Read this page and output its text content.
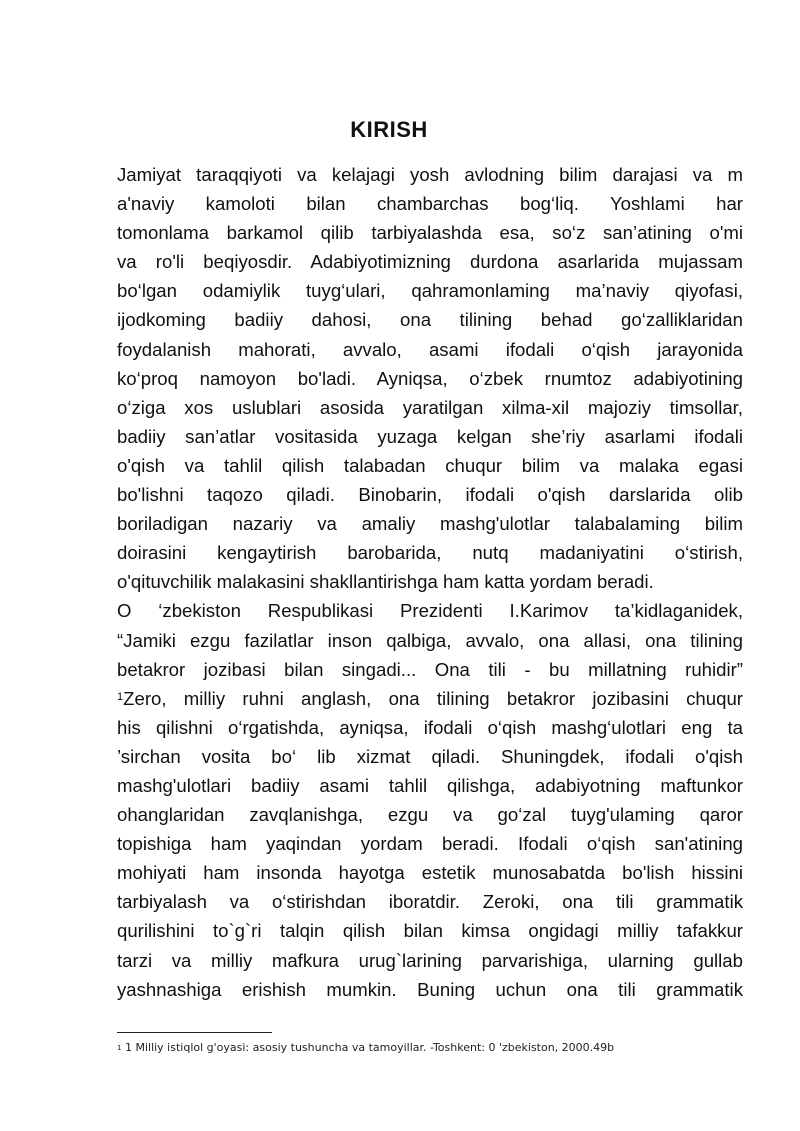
KIRISH
Jamiyat taraqqiyoti va kelajagi yosh avlodning bilim darajasi va m
a'naviy kamoloti bilan chambarchas bog‘liq. Yoshlami har
tomonlama barkamol qilib tarbiyalashda esa, so‘z san’atining o'mi
va ro'li beqiyosdir. Adabiyotimizning durdona asarlarida mujassam
bo‘lgan odamiylik tuyg‘ulari, qahramonlaming ma’naviy qiyofasi,
ijodkoming badiiy dahosi, ona tilining behad go‘zalliklaridan
foydalanish mahorati, avvalo, asami ifodali o‘qish jarayonida
ko‘proq namoyon bo'ladi. Ayniqsa, o‘zbek rnumtoz adabiyotining
o‘ziga xos uslublari asosida yaratilgan xilma-xil majoziy timsollar,
badiiy san’atlar vositasida yuzaga kelgan she’riy asarlami ifodali
o'qish va tahlil qilish talabadan chuqur bilim va malaka egasi
bo'lishni taqozo qiladi. Binobarin, ifodali o'qish darslarida olib
boriladigan nazariy va amaliy mashg'ulotlar talabalaming bilim
doirasini kengaytirish barobarida, nutq madaniyatini o‘stirish,
o'qituvchilik malakasini shakllantirishga ham katta yordam beradi.
O ‘zbekiston Respublikasi Prezidenti I.Karimov ta’kidlaganidek,
“Jamiki ezgu fazilatlar inson qalbiga, avvalo, ona allasi, ona tilining
betakror jozibasi bilan singadi... Ona tili - bu millatning ruhidir”
$^1$Zero, milliy ruhni anglash, ona tilining betakror jozibasini chuqur
his qilishni o‘rgatishda, ayniqsa, ifodali o‘qish mashg‘ulotlari eng ta
’sirchan vosita bo‘ lib xizmat qiladi. Shuningdek, ifodali o'qish
mashg'ulotlari badiiy asami tahlil qilishga, adabiyotning maftunkor
ohanglaridan zavqlanishga, ezgu va go‘zal tuyg'ulaming qaror
topishiga ham yaqindan yordam beradi. Ifodali o‘qish san'atining
mohiyati ham insonda hayotga estetik munosabatda bo'lish hissini
tarbiyalash va o‘stirishdan iboratdir. Zeroki, ona tili grammatik
qurilishini to`g`ri talqin qilish bilan kimsa ongidagi milliy tafakkur
tarzi va milliy mafkura urug`larining parvarishiga, ularning gullab
yashnashiga erishish mumkin. Buning uchun ona tili grammatik
$^1$ 1 Milliy istiqlol g'oyasi: asosiy tushuncha va tamoyillar. -Toshkent: 0 'zbekiston, 2000.49b
